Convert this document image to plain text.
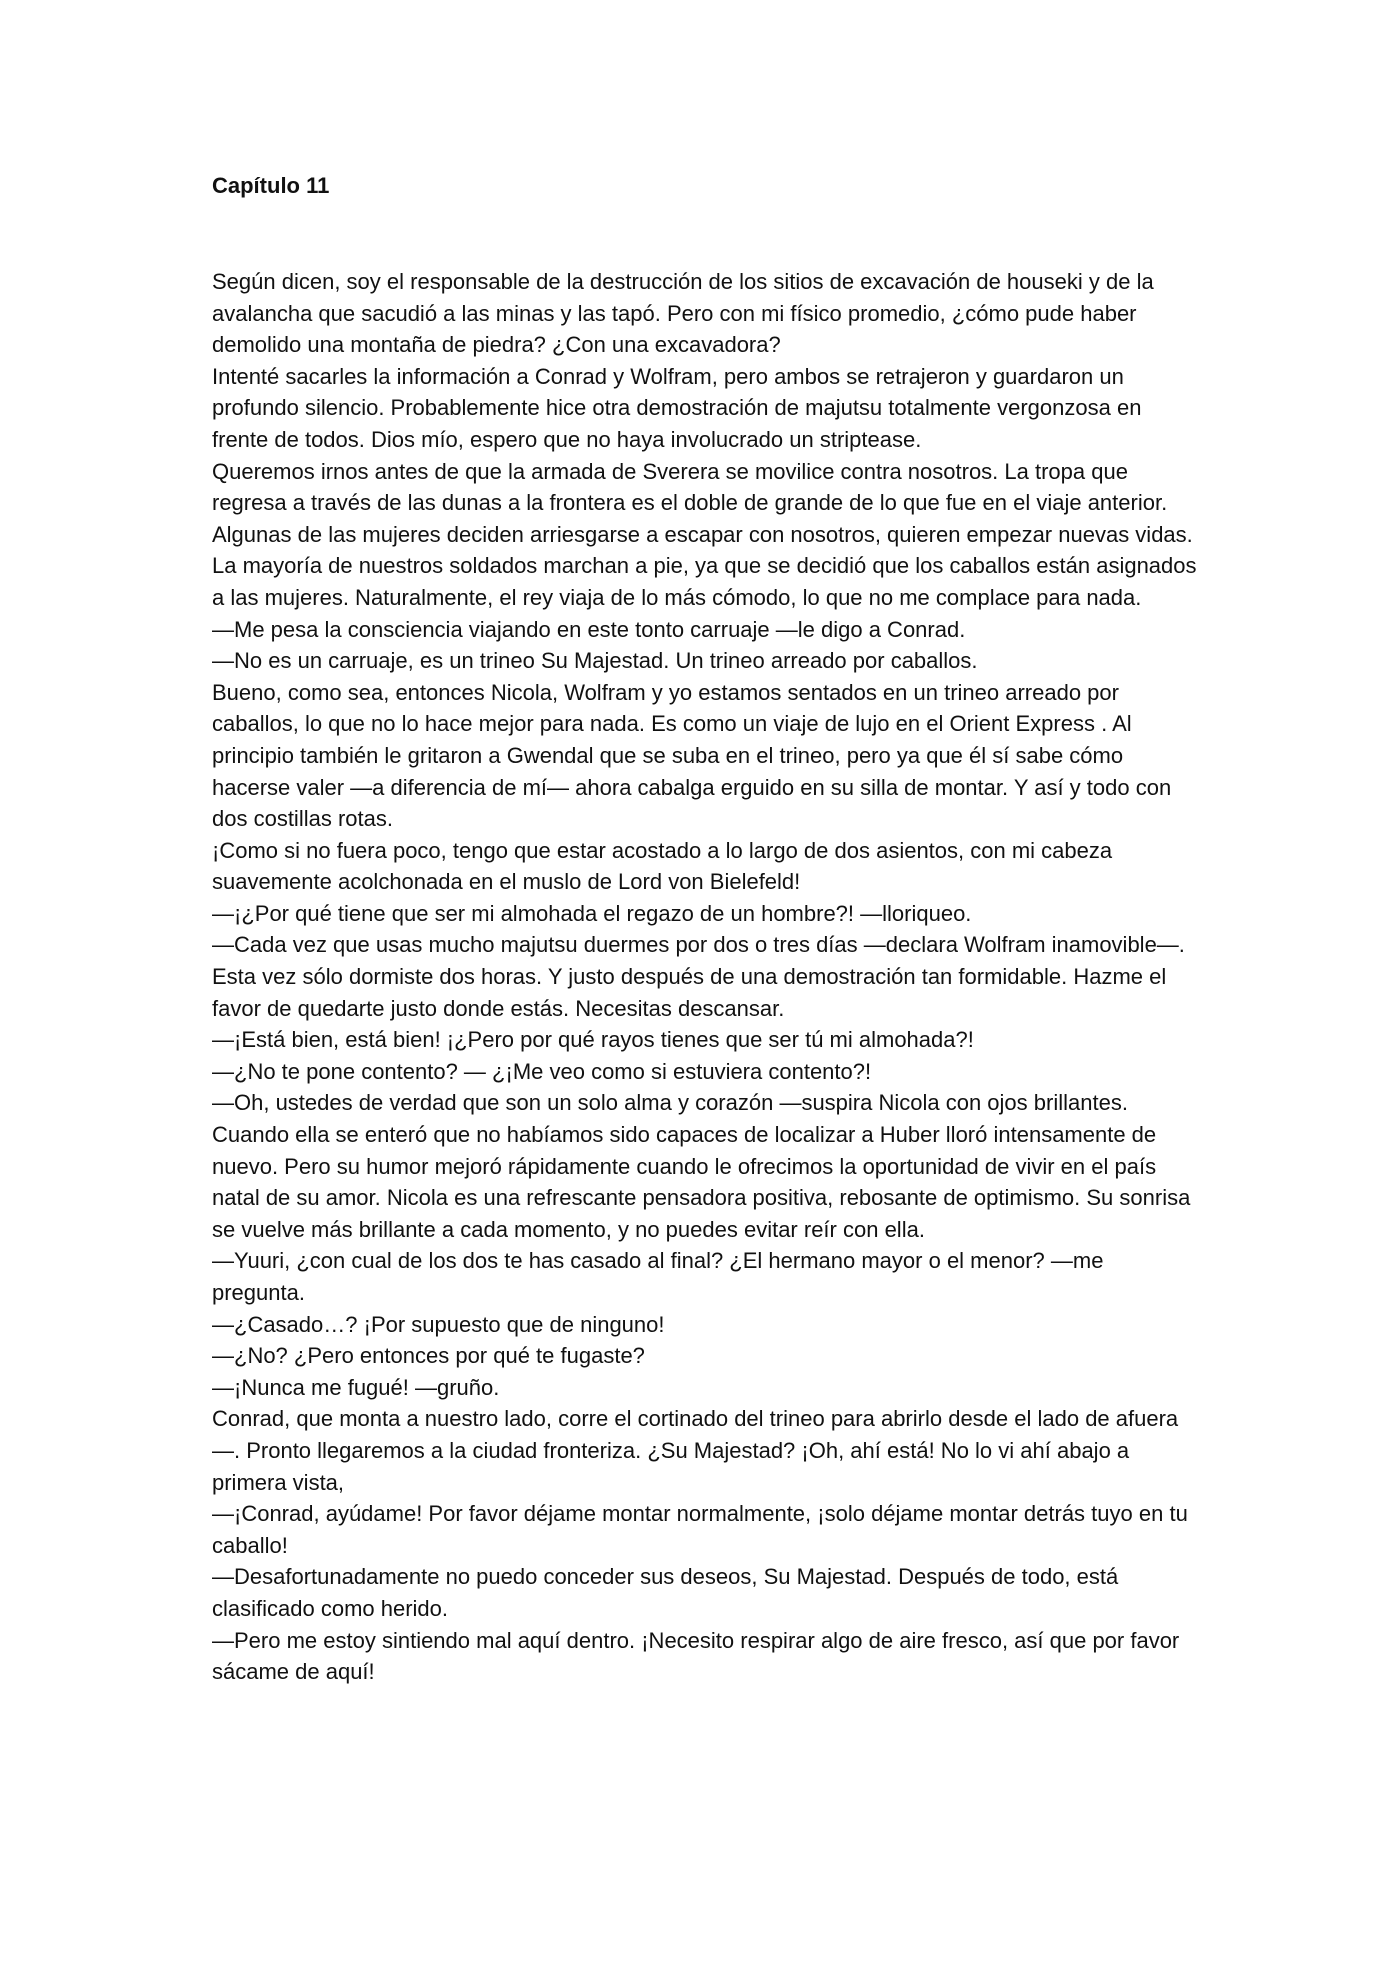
Capítulo 11

Según dicen, soy el responsable de la destrucción de los sitios de excavación de houseki y de la avalancha que sacudió a las minas y las tapó. Pero con mi físico promedio, ¿cómo pude haber demolido una montaña de piedra? ¿Con una excavadora?

Intenté sacarles la información a Conrad y Wolfram, pero ambos se retrajeron y guardaron un profundo silencio. Probablemente hice otra demostración de majutsu totalmente vergonzosa en frente de todos. Dios mío, espero que no haya involucrado un striptease.

Queremos irnos antes de que la armada de Sverera se movilice contra nosotros. La tropa que regresa a través de las dunas a la frontera es el doble de grande de lo que fue en el viaje anterior.

Algunas de las mujeres deciden arriesgarse a escapar con nosotros, quieren empezar nuevas vidas. La mayoría de nuestros soldados marchan a pie, ya que se decidió que los caballos están asignados a las mujeres. Naturalmente, el rey viaja de lo más cómodo, lo que no me complace para nada.

—Me pesa la consciencia viajando en este tonto carruaje —le digo a Conrad.

—No es un carruaje, es un trineo Su Majestad. Un trineo arreado por caballos.

Bueno, como sea, entonces Nicola, Wolfram y yo estamos sentados en un trineo arreado por caballos, lo que no lo hace mejor para nada. Es como un viaje de lujo en el Orient Express . Al principio también le gritaron a Gwendal que se suba en el trineo, pero ya que él sí sabe cómo hacerse valer —a diferencia de mí— ahora cabalga erguido en su silla de montar. Y así y todo con dos costillas rotas.

¡Como si no fuera poco, tengo que estar acostado a lo largo de dos asientos, con mi cabeza suavemente acolchonada en el muslo de Lord von Bielefeld!

—¡¿Por qué tiene que ser mi almohada el regazo de un hombre?! —lloriqueo.

—Cada vez que usas mucho majutsu duermes por dos o tres días —declara Wolfram inamovible—. Esta vez sólo dormiste dos horas. Y justo después de una demostración tan formidable. Hazme el favor de quedarte justo donde estás. Necesitas descansar.

—¡Está bien, está bien! ¡¿Pero por qué rayos tienes que ser tú mi almohada?!

—¿No te pone contento? — ¿¡Me veo como si estuviera contento?!

—Oh, ustedes de verdad que son un solo alma y corazón —suspira Nicola con ojos brillantes.

Cuando ella se enteró que no habíamos sido capaces de localizar a Huber lloró intensamente de nuevo. Pero su humor mejoró rápidamente cuando le ofrecimos la oportunidad de vivir en el país natal de su amor. Nicola es una refrescante pensadora positiva, rebosante de optimismo. Su sonrisa se vuelve más brillante a cada momento, y no puedes evitar reír con ella.

—Yuuri, ¿con cual de los dos te has casado al final? ¿El hermano mayor o el menor? —me pregunta.

—¿Casado…? ¡Por supuesto que de ninguno!

—¿No? ¿Pero entonces por qué te fugaste?

—¡Nunca me fugué! —gruño.

Conrad, que monta a nuestro lado, corre el cortinado del trineo para abrirlo desde el lado de afuera—. Pronto llegaremos a la ciudad fronteriza. ¿Su Majestad? ¡Oh, ahí está! No lo vi ahí abajo a primera vista,

—¡Conrad, ayúdame! Por favor déjame montar normalmente, ¡solo déjame montar detrás tuyo en tu caballo!

—Desafortunadamente no puedo conceder sus deseos, Su Majestad. Después de todo, está clasificado como herido.

—Pero me estoy sintiendo mal aquí dentro. ¡Necesito respirar algo de aire fresco, así que por favor sácame de aquí!
